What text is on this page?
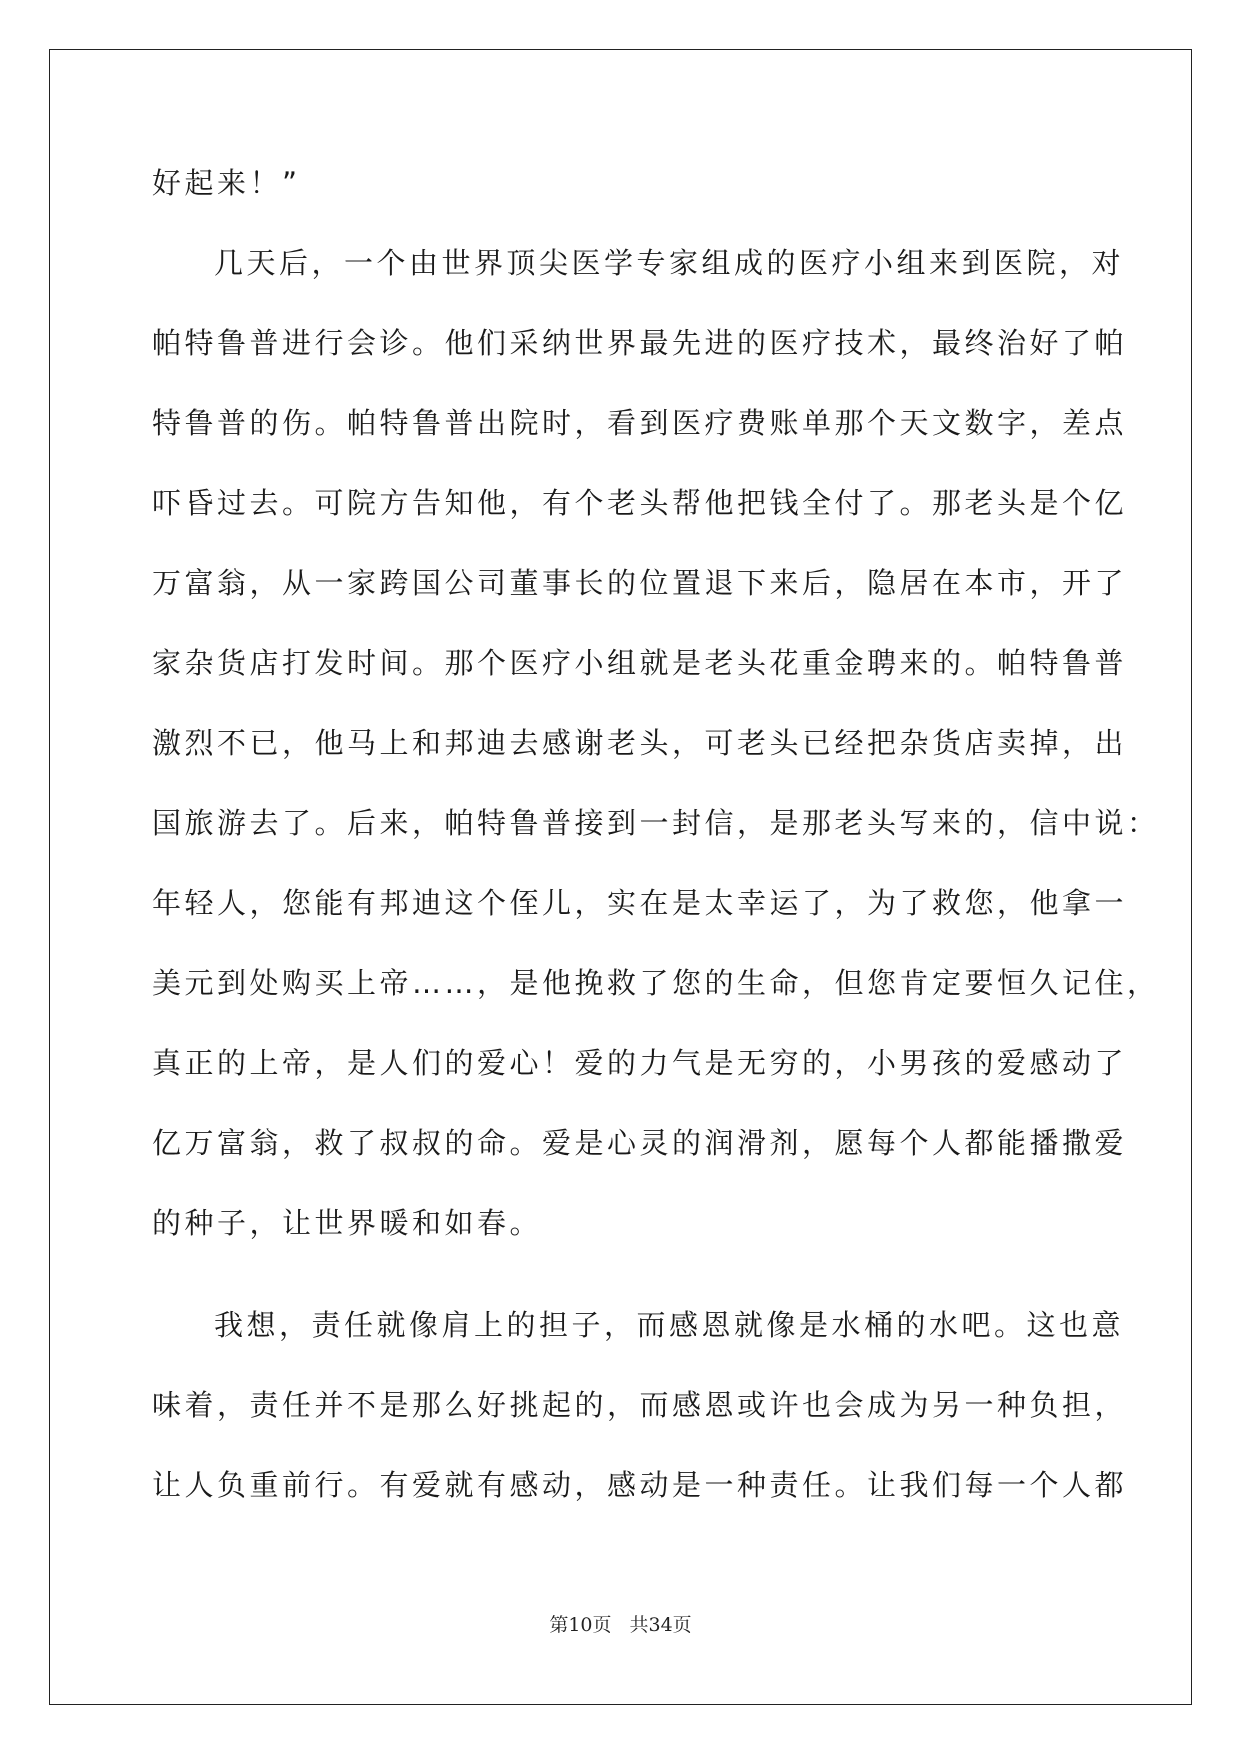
好起来！”
几天后，一个由世界顶尖医学专家组成的医疗小组来到医院，对
帕特鲁普进行会诊。他们采纳世界最先进的医疗技术，最终治好了帕
特鲁普的伤。帕特鲁普出院时，看到医疗费账单那个天文数字，差点
吓昏过去。可院方告知他，有个老头帮他把钱全付了。那老头是个亿
万富翁，从一家跨国公司董事长的位置退下来后，隐居在本市，开了
家杂货店打发时间。那个医疗小组就是老头花重金聘来的。帕特鲁普
激烈不已，他马上和邦迪去感谢老头，可老头已经把杂货店卖掉，出
国旅游去了。后来，帕特鲁普接到一封信，是那老头写来的，信中说：
年轻人，您能有邦迪这个侄儿，实在是太幸运了，为了救您，他拿一
美元到处购买上帝……，是他挽救了您的生命，但您肯定要恒久记住，
真正的上帝，是人们的爱心！爱的力气是无穷的，小男孩的爱感动了
亿万富翁，救了叔叔的命。爱是心灵的润滑剂，愿每个人都能播撒爱
的种子，让世界暖和如春。
我想，责任就像肩上的担子，而感恩就像是水桶的水吧。这也意
味着，责任并不是那么好挑起的，而感恩或许也会成为另一种负担，
让人负重前行。有爱就有感动，感动是一种责任。让我们每一个人都
第10页 共34页
